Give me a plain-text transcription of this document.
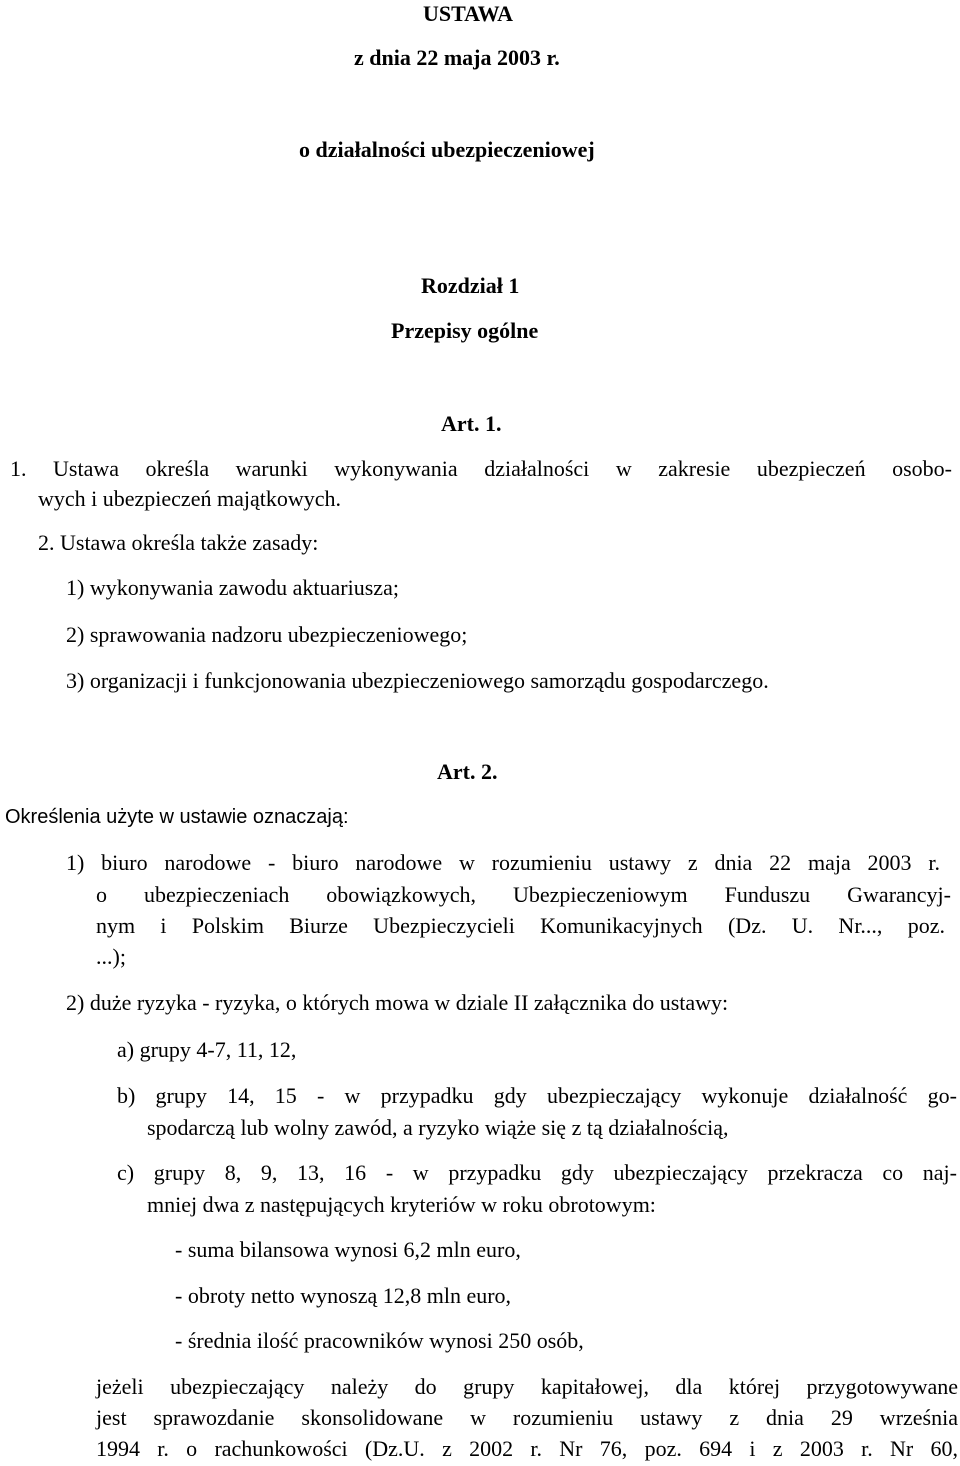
USTAWA
z dnia 22 maja 2003 r.
o działalności ubezpieczeniowej
Rozdział 1
Przepisy ogólne
Art. 1.
1. Ustawa określa warunki wykonywania działalności w zakresie ubezpieczeń osobo-
wych i ubezpieczeń majątkowych.
2. Ustawa określa także zasady:
1) wykonywania zawodu aktuariusza;
2) sprawowania nadzoru ubezpieczeniowego;
3) organizacji i funkcjonowania ubezpieczeniowego samorządu gospodarczego.
Art. 2.
Określenia użyte w ustawie oznaczają:
1) biuro narodowe - biuro narodowe w rozumieniu ustawy z dnia 22 maja 2003 r.
o ubezpieczeniach obowiązkowych, Ubezpieczeniowym Funduszu Gwarancyj-
nym i Polskim Biurze Ubezpieczycieli Komunikacyjnych (Dz. U. Nr..., poz.
...);
2) duże ryzyka - ryzyka, o których mowa w dziale II załącznika do ustawy:
a) grupy 4-7, 11, 12,
b) grupy 14, 15 - w przypadku gdy ubezpieczający wykonuje działalność go-
spodarczą lub wolny zawód, a ryzyko wiąże się z tą działalnością,
c) grupy 8, 9, 13, 16 - w przypadku gdy ubezpieczający przekracza co naj-
mniej dwa z następujących kryteriów w roku obrotowym:
- suma bilansowa wynosi 6,2 mln euro,
- obroty netto wynoszą 12,8 mln euro,
- średnia ilość pracowników wynosi 250 osób,
jeżeli ubezpieczający należy do grupy kapitałowej, dla której przygotowywane
jest sprawozdanie skonsolidowane w rozumieniu ustawy z dnia 29 września
1994 r. o rachunkowości (Dz.U. z 2002 r. Nr 76, poz. 694 i z 2003 r. Nr 60,
